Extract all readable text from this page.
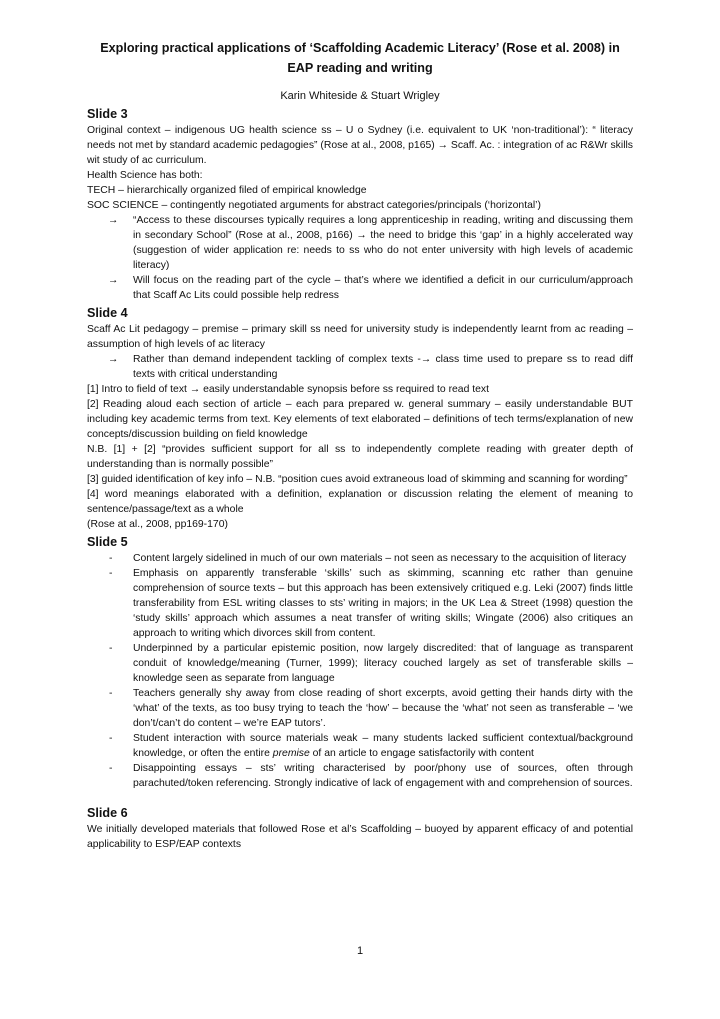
Exploring practical applications of ‘Scaffolding Academic Literacy’ (Rose et al. 2008) in EAP reading and writing
Karin Whiteside & Stuart Wrigley
Slide 3

Original context – indigenous UG health science ss – U o Sydney (i.e. equivalent to UK ‘non-traditional’): “ literacy needs not met by standard academic pedagogies” (Rose at al., 2008, p165) → Scaff. Ac. : integration of ac R&Wr skills wit study of ac curriculum.

Health Science has both:

TECH – hierarchically organized filed of empirical knowledge

SOC SCIENCE – contingently negotiated arguments for abstract categories/principals (‘horizontal’)

→ “Access to these discourses typically requires a long apprenticeship in reading, writing and discussing them in secondary School” (Rose at al., 2008, p166) → the need to bridge this ‘gap’ in a highly accelerated way (suggestion of wider application re: needs to ss who do not enter university with high levels of academic literacy)
→ Will focus on the reading part of the cycle – that’s where we identified a deficit in our curriculum/approach that Scaff Ac Lits could possible help redress
Slide 4

Scaff Ac Lit pedagogy – premise – primary skill ss need for university study is independently learnt from ac reading – assumption of high levels of ac literacy

→ Rather than demand independent tackling of complex texts -→ class time used to prepare ss to read diff texts with critical understanding

[1] Intro to field of text → easily understandable synopsis before ss required to read text

[2] Reading aloud each section of article – each para prepared w. general summary – easily understandable BUT including key academic terms from text. Key elements of text elaborated – definitions of tech terms/explanation of new concepts/discussion building on field knowledge

N.B. [1] + [2] “provides sufficient support for all ss to independently complete reading with greater depth of understanding than is normally possible”

[3] guided identification of key info – N.B. “position cues avoid extraneous load of skimming and scanning for wording”

[4] word meanings elaborated with a definition, explanation or discussion relating the element of meaning to sentence/passage/text as a whole

(Rose at al., 2008, pp169-170)

Slide 5
- Content largely sidelined in much of our own materials – not seen as necessary to the acquisition of literacy
- Emphasis on apparently transferable ‘skills’ such as skimming, scanning etc rather than genuine comprehension of source texts – but this approach has been extensively critiqued e.g. Leki (2007) finds little transferability from ESL writing classes to sts’ writing in majors; in the UK Lea & Street (1998) question the ‘study skills’ approach which assumes a neat transfer of writing skills; Wingate (2006) also critiques an approach to writing which divorces skill from content.
- Underpinned by a particular epistemic position, now largely discredited: that of language as transparent conduit of knowledge/meaning (Turner, 1999); literacy couched largely as set of transferable skills – knowledge seen as separate from language
- Teachers generally shy away from close reading of short excerpts, avoid getting their hands dirty with the ‘what’ of the texts, as too busy trying to teach the ‘how’ – because the ‘what’ not seen as transferable – ‘we don’t/can’t do content – we’re EAP tutors’.
- Student interaction with source materials weak – many students lacked sufficient contextual/background knowledge, or often the entire premise of an article to engage satisfactorily with content
- Disappointing essays – sts’ writing characterised by poor/phony use of sources, often through parachuted/token referencing. Strongly indicative of lack of engagement with and comprehension of sources.
Slide 6

We initially developed materials that followed Rose et al’s Scaffolding – buoyed by apparent efficacy of and potential applicability to ESP/EAP contexts

1
